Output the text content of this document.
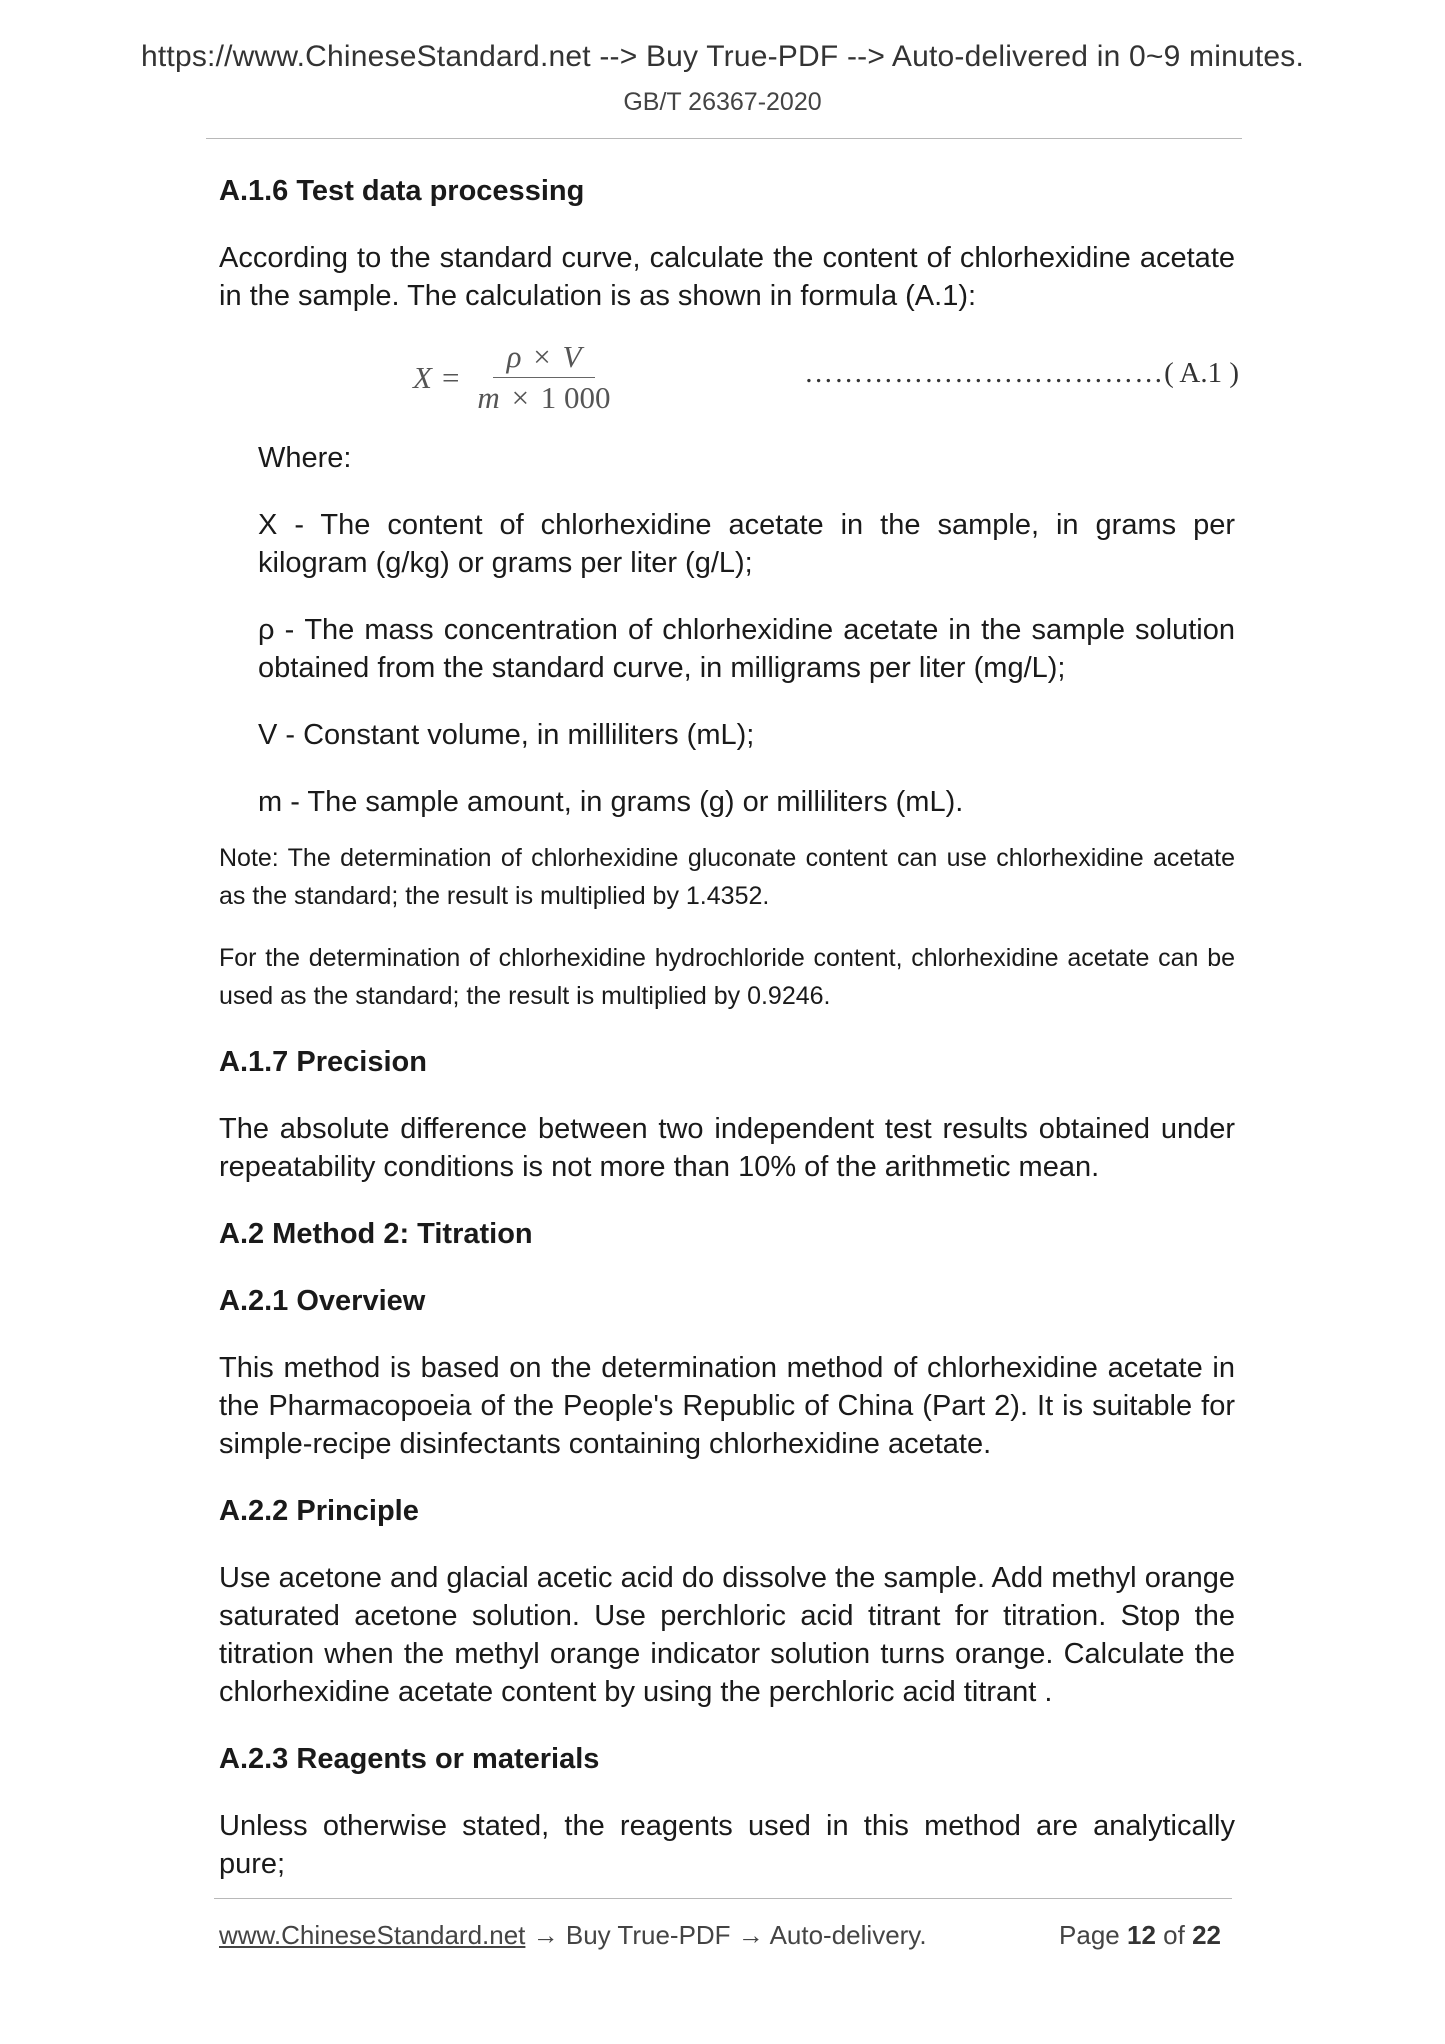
https://www.ChineseStandard.net --> Buy True-PDF --> Auto-delivered in 0~9 minutes.
GB/T 26367-2020

A.1.6 Test data processing

According to the standard curve, calculate the content of chlorhexidine acetate in the sample. The calculation is as shown in formula (A.1):

$X = \frac{\rho \times V}{m \times 1 000}$	………………………………( A.1 )

Where:

X - The content of chlorhexidine acetate in the sample, in grams per kilogram (g/kg) or grams per liter (g/L);

ρ - The mass concentration of chlorhexidine acetate in the sample solution obtained from the standard curve, in milligrams per liter (mg/L);

V - Constant volume, in milliliters (mL);

m - The sample amount, in grams (g) or milliliters (mL).

Note: The determination of chlorhexidine gluconate content can use chlorhexidine acetate as the standard; the result is multiplied by 1.4352.

For the determination of chlorhexidine hydrochloride content, chlorhexidine acetate can be used as the standard; the result is multiplied by 0.9246.

A.1.7 Precision

The absolute difference between two independent test results obtained under repeatability conditions is not more than 10% of the arithmetic mean.

A.2 Method 2: Titration

A.2.1 Overview

This method is based on the determination method of chlorhexidine acetate in the Pharmacopoeia of the People's Republic of China (Part 2). It is suitable for simple-recipe disinfectants containing chlorhexidine acetate.

A.2.2 Principle

Use acetone and glacial acetic acid do dissolve the sample. Add methyl orange saturated acetone solution. Use perchloric acid titrant for titration. Stop the titration when the methyl orange indicator solution turns orange. Calculate the chlorhexidine acetate content by using the perchloric acid titrant .

A.2.3 Reagents or materials

Unless otherwise stated, the reagents used in this method are analytically pure;

www.ChineseStandard.net → Buy True-PDF → Auto-delivery.	Page 12 of 22
